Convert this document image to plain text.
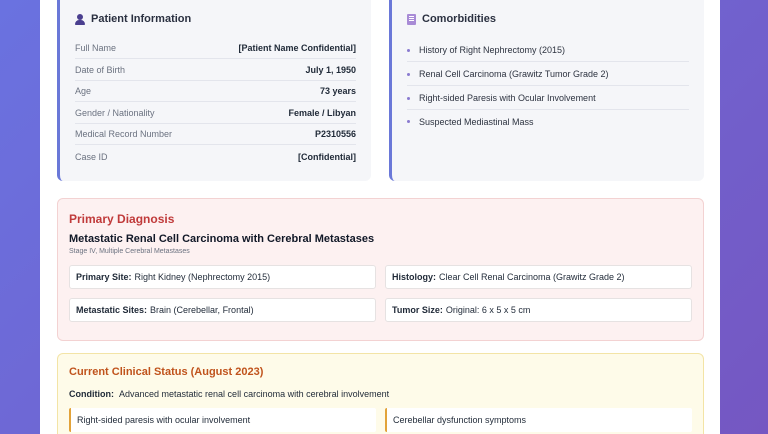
Patient Information
Full Name	[Patient Name Confidential]
Date of Birth	July 1, 1950
Age	73 years
Gender / Nationality	Female / Libyan
Medical Record Number	P2310556
Case ID	[Confidential]
Comorbidities
History of Right Nephrectomy (2015)
Renal Cell Carcinoma (Grawitz Tumor Grade 2)
Right-sided Paresis with Ocular Involvement
Suspected Mediastinal Mass
Primary Diagnosis
Metastatic Renal Cell Carcinoma with Cerebral Metastases
Stage IV, Multiple Cerebral Metastases
Primary Site: Right Kidney (Nephrectomy 2015)	Histology: Clear Cell Renal Carcinoma (Grawitz Grade 2)
Metastatic Sites: Brain (Cerebellar, Frontal)	Tumor Size: Original: 6 x 5 x 5 cm
Current Clinical Status (August 2023)
Condition: Advanced metastatic renal cell carcinoma with cerebral involvement
Right-sided paresis with ocular involvement	Cerebellar dysfunction symptoms
